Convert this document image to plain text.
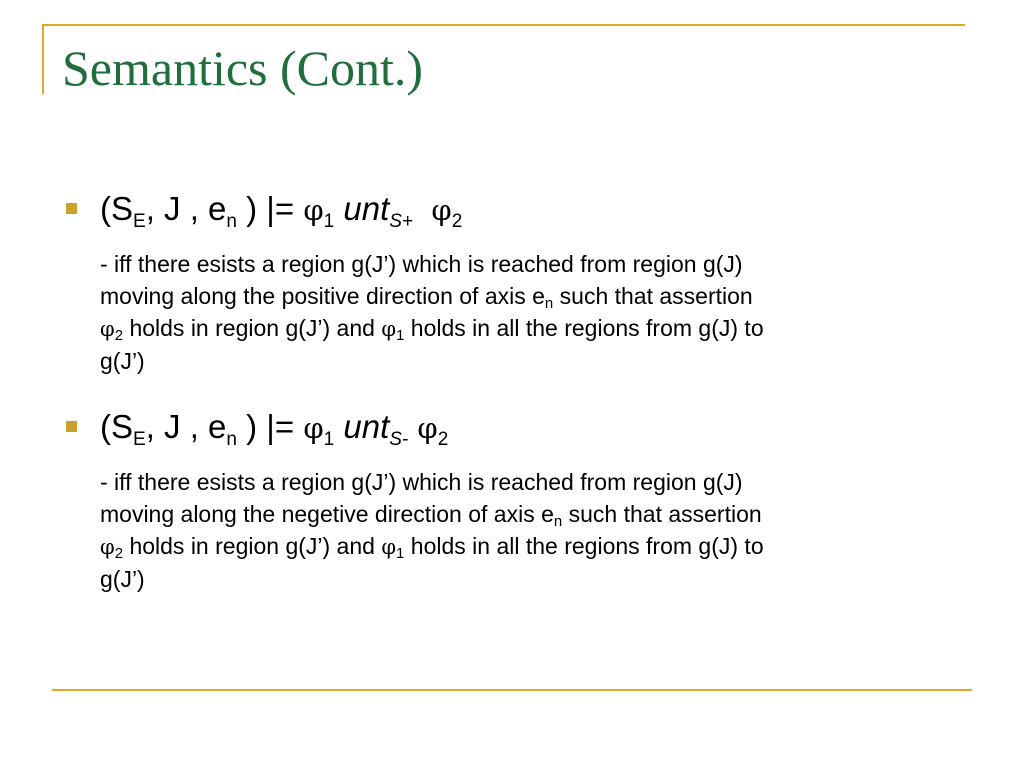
Semantics (Cont.)

($S_E$, J , $e_n$ ) |= $\varphi_1$ unt$_{S+}$ $\varphi_2$

- iff there esists a region g(J’) which is reached from region g(J)
moving along the positive direction of axis $e_n$ such that assertion
$\varphi_2$ holds in region g(J’) and $\varphi_1$ holds in all the regions from g(J) to
g(J’)

($S_E$, J , $e_n$ ) |= $\varphi_1$ unt$_{S-}$ $\varphi_2$

- iff there esists a region g(J’) which is reached from region g(J)
moving along the negetive direction of axis $e_n$ such that assertion
$\varphi_2$ holds in region g(J’) and $\varphi_1$ holds in all the regions from g(J) to
g(J’)
